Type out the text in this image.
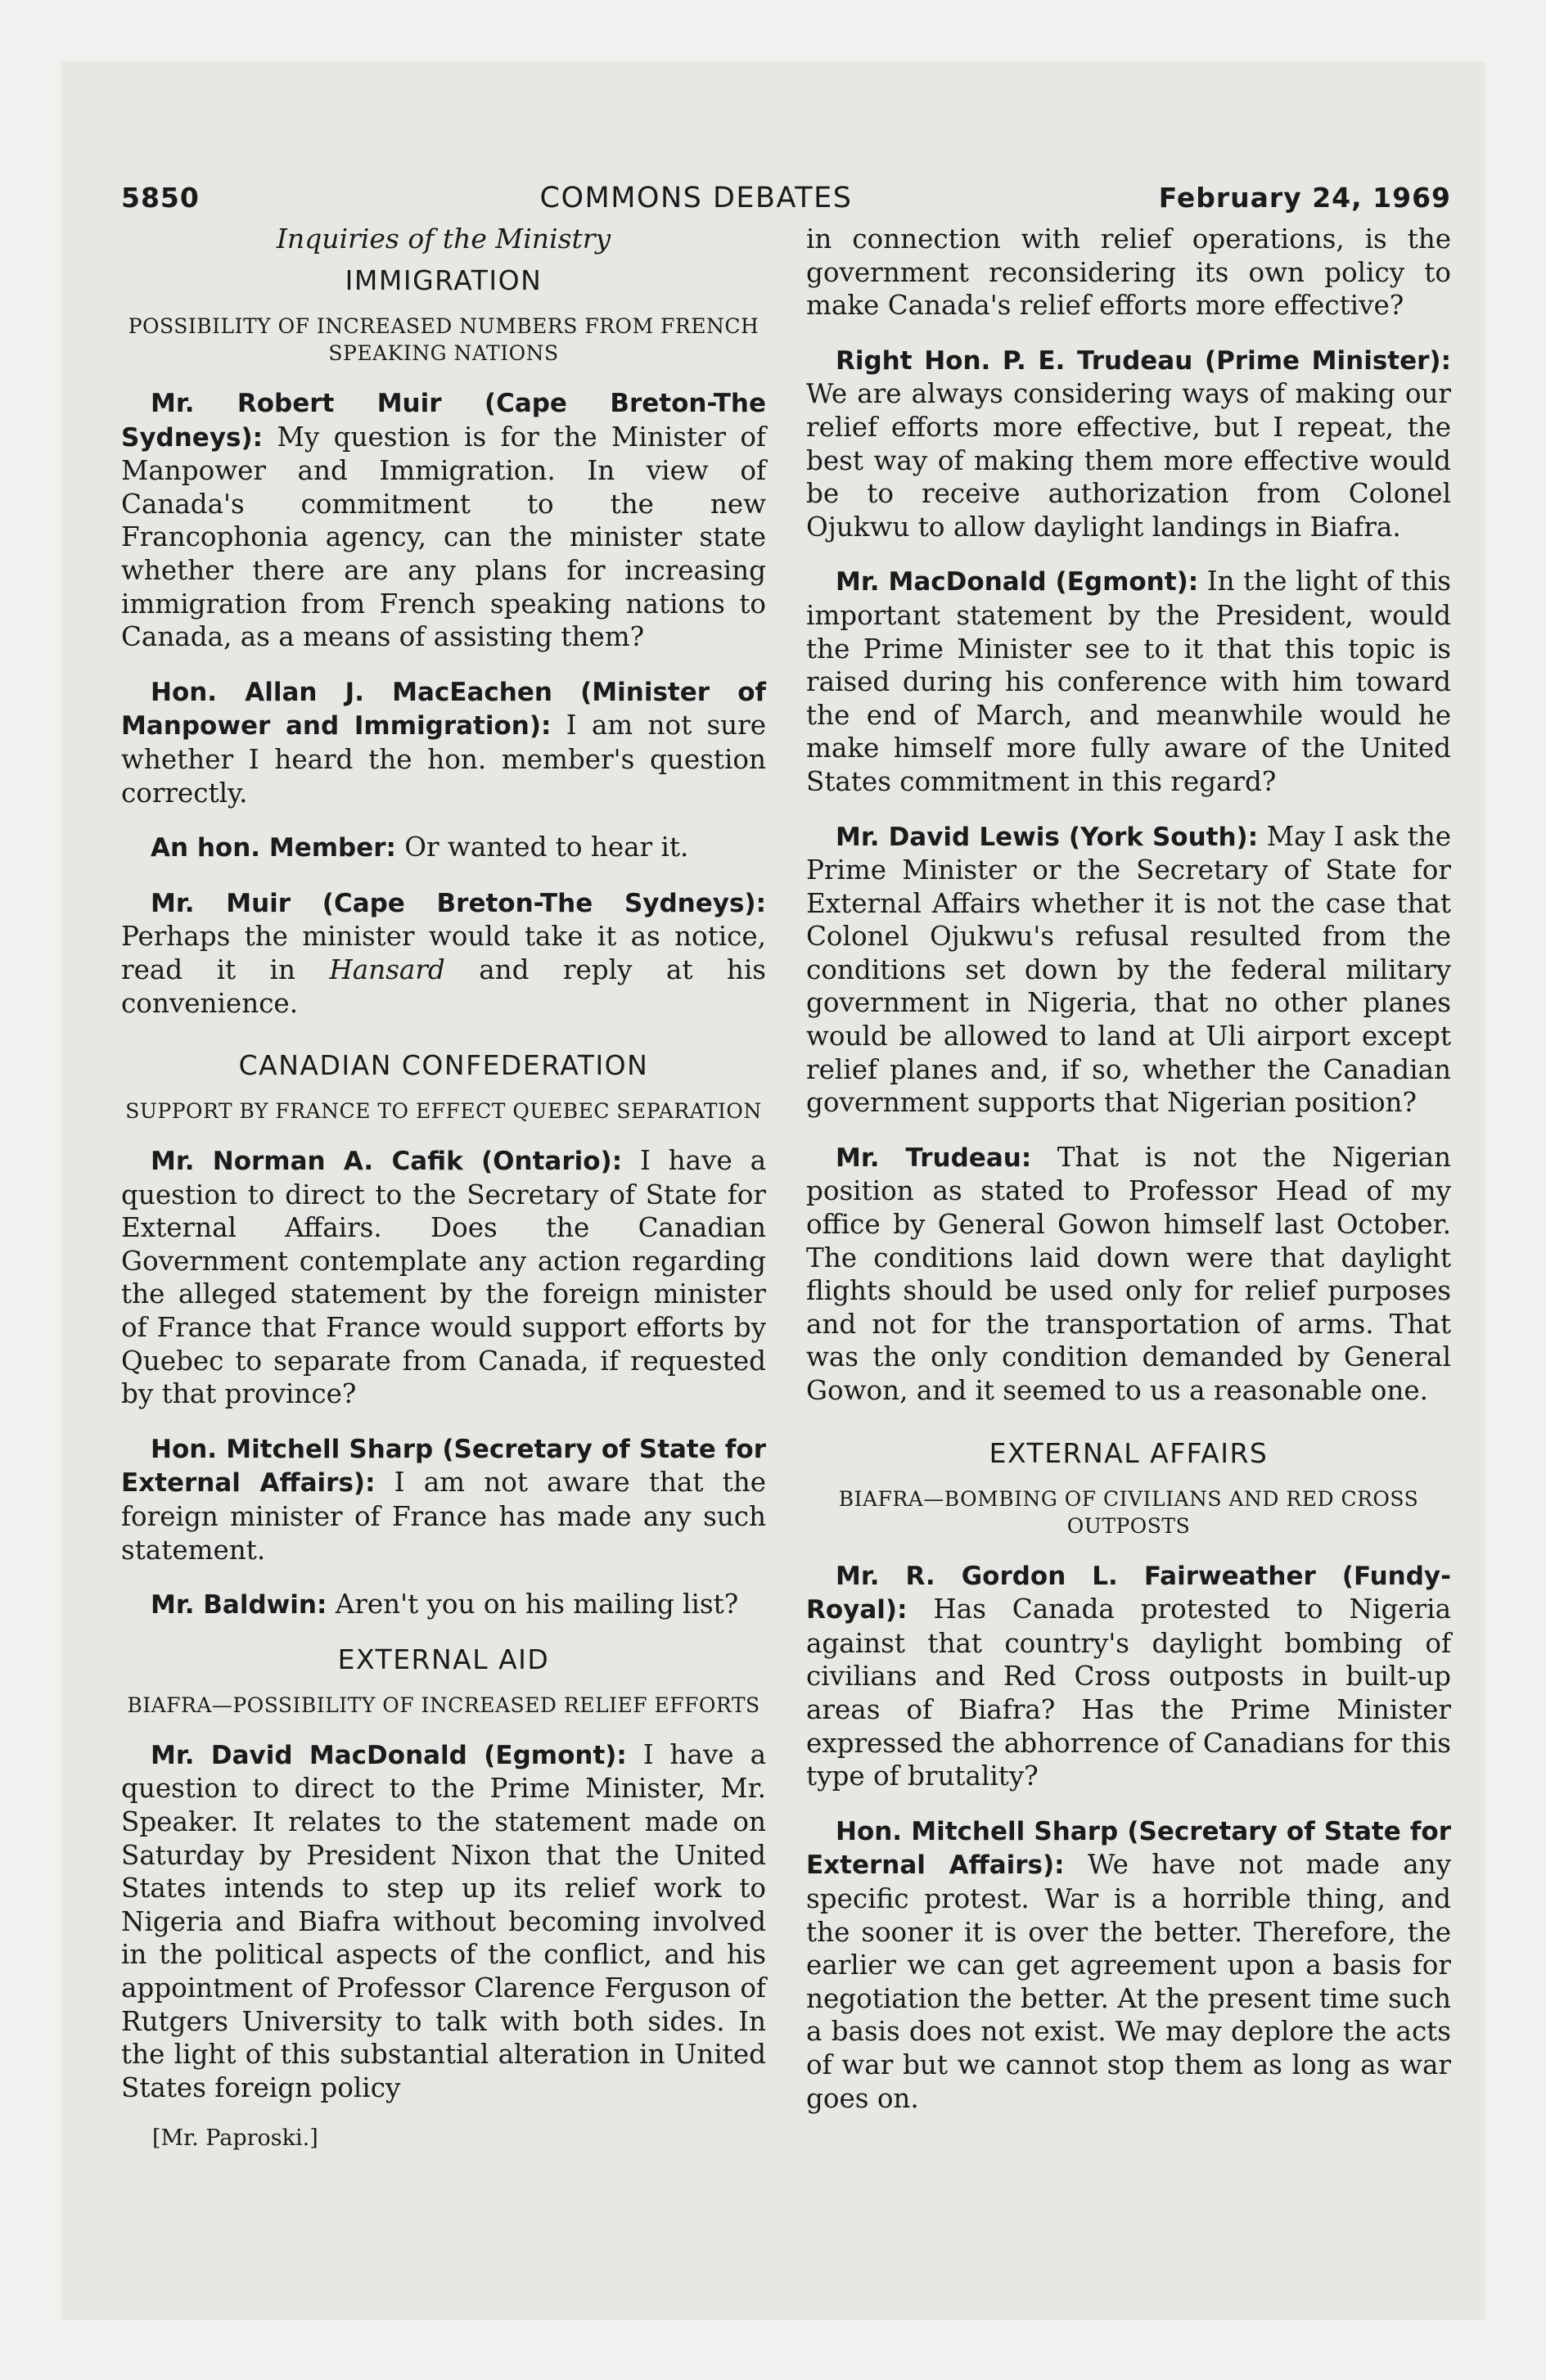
5850	COMMONS DEBATES	February 24, 1969
Inquiries of the Ministry
IMMIGRATION
POSSIBILITY OF INCREASED NUMBERS FROM FRENCH SPEAKING NATIONS

Mr. Robert Muir (Cape Breton-The Sydneys): My question is for the Minister of Manpower and Immigration. In view of Canada's commitment to the new Francophonia agency, can the minister state whether there are any plans for increasing immigration from French speaking nations to Canada, as a means of assisting them?

Hon. Allan J. MacEachen (Minister of Manpower and Immigration): I am not sure whether I heard the hon. member's question correctly.

An hon. Member: Or wanted to hear it.

Mr. Muir (Cape Breton-The Sydneys): Perhaps the minister would take it as notice, read it in Hansard and reply at his convenience.

CANADIAN CONFEDERATION
SUPPORT BY FRANCE TO EFFECT QUEBEC SEPARATION

Mr. Norman A. Cafik (Ontario): I have a question to direct to the Secretary of State for External Affairs. Does the Canadian Government contemplate any action regarding the alleged statement by the foreign minister of France that France would support efforts by Quebec to separate from Canada, if requested by that province?

Hon. Mitchell Sharp (Secretary of State for External Affairs): I am not aware that the foreign minister of France has made any such statement.

Mr. Baldwin: Aren't you on his mailing list?

EXTERNAL AID
BIAFRA—POSSIBILITY OF INCREASED RELIEF EFFORTS

Mr. David MacDonald (Egmont): I have a question to direct to the Prime Minister, Mr. Speaker. It relates to the statement made on Saturday by President Nixon that the United States intends to step up its relief work to Nigeria and Biafra without becoming involved in the political aspects of the conflict, and his appointment of Professor Clarence Ferguson of Rutgers University to talk with both sides. In the light of this substantial alteration in United States foreign policy

[Mr. Paproski.]

in connection with relief operations, is the government reconsidering its own policy to make Canada's relief efforts more effective?

Right Hon. P. E. Trudeau (Prime Minister): We are always considering ways of making our relief efforts more effective, but I repeat, the best way of making them more effective would be to receive authorization from Colonel Ojukwu to allow daylight landings in Biafra.

Mr. MacDonald (Egmont): In the light of this important statement by the President, would the Prime Minister see to it that this topic is raised during his conference with him toward the end of March, and meanwhile would he make himself more fully aware of the United States commitment in this regard?

Mr. David Lewis (York South): May I ask the Prime Minister or the Secretary of State for External Affairs whether it is not the case that Colonel Ojukwu's refusal resulted from the conditions set down by the federal military government in Nigeria, that no other planes would be allowed to land at Uli airport except relief planes and, if so, whether the Canadian government supports that Nigerian position?

Mr. Trudeau: That is not the Nigerian position as stated to Professor Head of my office by General Gowon himself last October. The conditions laid down were that daylight flights should be used only for relief purposes and not for the transportation of arms. That was the only condition demanded by General Gowon, and it seemed to us a reasonable one.

EXTERNAL AFFAIRS
BIAFRA—BOMBING OF CIVILIANS AND RED CROSS OUTPOSTS

Mr. R. Gordon L. Fairweather (Fundy-Royal): Has Canada protested to Nigeria against that country's daylight bombing of civilians and Red Cross outposts in built-up areas of Biafra? Has the Prime Minister expressed the abhorrence of Canadians for this type of brutality?

Hon. Mitchell Sharp (Secretary of State for External Affairs): We have not made any specific protest. War is a horrible thing, and the sooner it is over the better. Therefore, the earlier we can get agreement upon a basis for negotiation the better. At the present time such a basis does not exist. We may deplore the acts of war but we cannot stop them as long as war goes on.
